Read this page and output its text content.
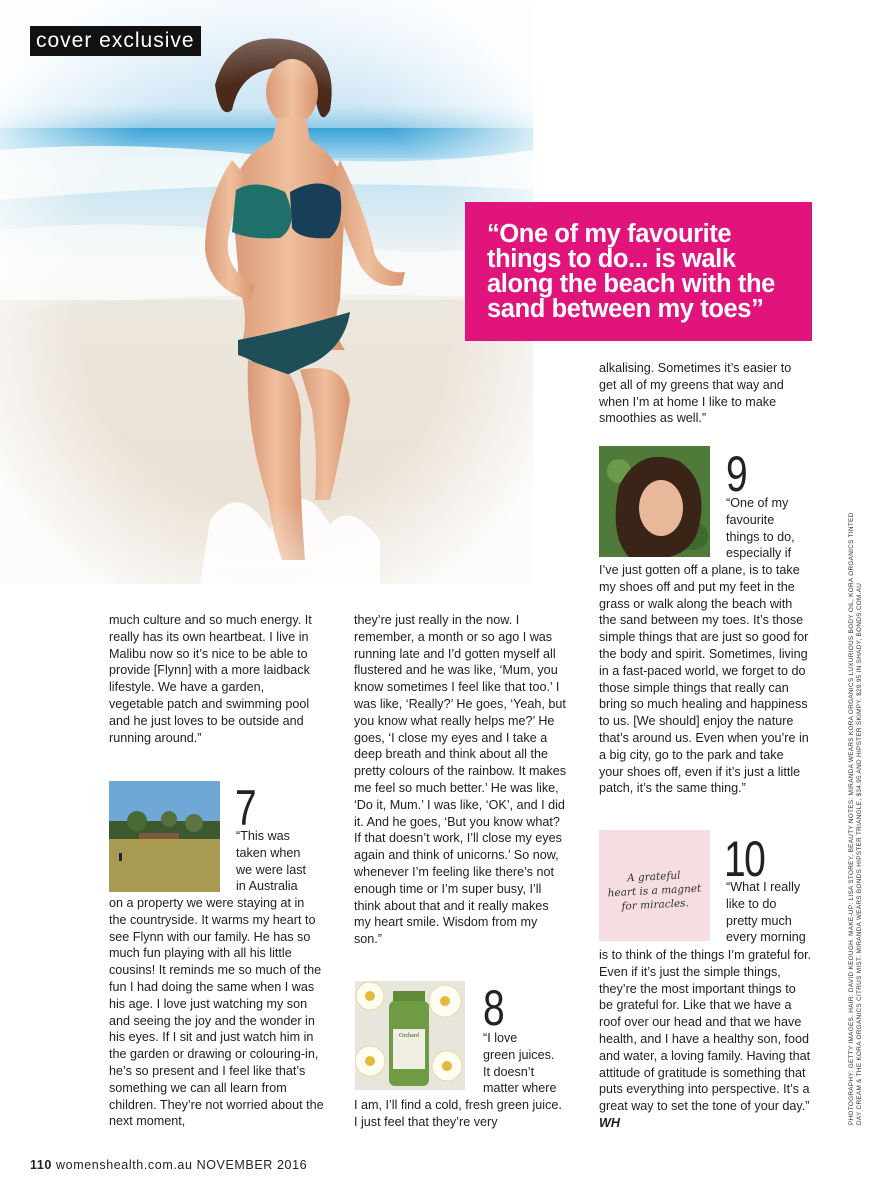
cover exclusive

“One of my favourite things to do... is walk along the beach with the sand between my toes”

much culture and so much energy. It really has its own heartbeat. I live in Malibu now so it’s nice to be able to provide [Flynn] with a more laidback lifestyle. We have a garden, vegetable patch and swimming pool and he just loves to be outside and running around.”

7

“This was

taken when

we were last

in Australia

on a property we were staying at in the countryside. It warms my heart to see Flynn with our family. He has so much fun playing with all his little cousins! It reminds me so much of the fun I had doing the same when I was his age. I love just watching my son and seeing the joy and the wonder in his eyes. If I sit and just watch him in the garden or drawing or colouring-in, he’s so present and I feel like that’s something we can all learn from children. They’re not worried about the next moment,

they’re just really in the now. I remember, a month or so ago I was running late and I’d gotten myself all flustered and he was like, ‘Mum, you know sometimes I feel like that too.’ I was like, ‘Really?’ He goes, ‘Yeah, but you know what really helps me?’ He goes, ‘I close my eyes and I take a deep breath and think about all the pretty colours of the rainbow. It makes me feel so much better.’ He was like, ‘Do it, Mum.’ I was like, ‘OK’, and I did it. And he goes, ‘But you know what? If that doesn’t work, I’ll close my eyes again and think of unicorns.’ So now, whenever I’m feeling like there’s not enough time or I’m super busy, I’ll think about that and it really makes my heart smile. Wisdom from my son.”

Orchard 8

“I love

green juices.

It doesn’t

matter where

I am, I’ll find a cold, fresh green juice. I just feel that they’re very

alkalising. Sometimes it’s easier to get all of my greens that way and when I’m at home I like to make smoothies as well.”

9

“One of my

favourite

things to do,

especially if

I’ve just gotten off a plane, is to take my shoes off and put my feet in the grass or walk along the beach with the sand between my toes. It’s those simple things that are just so good for the body and spirit. Sometimes, living in a fast-paced world, we forget to do those simple things that really can bring so much healing and happiness to us. [We should] enjoy the nature that’s around us. Even when you’re in a big city, go to the park and take your shoes off, even if it’s just a little patch, it’s the same thing.”

A grateful
heart is a magnet
for miracles.
10

“What I really

like to do

pretty much

every morning

is to think of the things I’m grateful for. Even if it’s just the simple things, they’re the most important things to be grateful for. Like that we have a roof over our head and that we have health, and I have a healthy son, food and water, a loving family. Having that attitude of gratitude is something that puts everything into perspective. It’s a great way to set the tone of your day.” WH	PHOTOGRAPHY: GETTY IMAGES. HAIR: DAVID KEOUGH. MAKE-UP: LISA STOREY. BEAUTY NOTES: MIRANDA WEARS KORA ORGANICS LUXURIOUS BODY OIL, KORA ORGANICS TINTED DAY CREAM & THE KORA ORGANICS CITRUS MIST. MIRANDA WEARS BONDS HIPSTER TRIANGLE, $34.95 AND HIPSTER SKIMPY, $29.95 IN SHADY, BONDS.COM.AU
110 womenshealth.com.au NOVEMBER 2016
